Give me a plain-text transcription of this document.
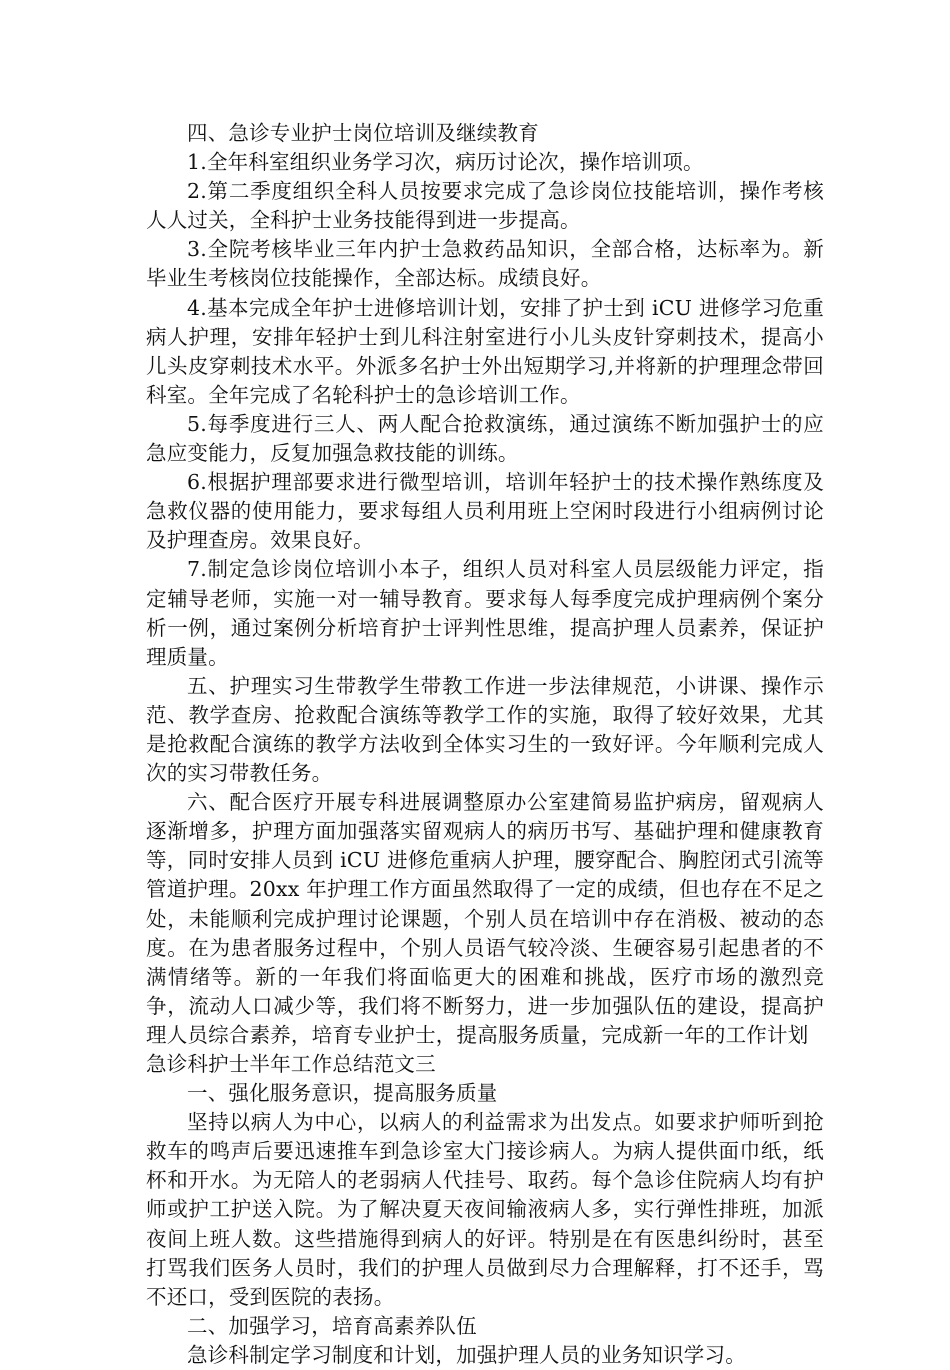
四、急诊专业护士岗位培训及继续教育

1.全年科室组织业务学习次，病历讨论次，操作培训项。

2.第二季度组织全科人员按要求完成了急诊岗位技能培训，操作考核人人过关，全科护士业务技能得到进一步提高。

3.全院考核毕业三年内护士急救药品知识，全部合格，达标率为。新毕业生考核岗位技能操作，全部达标。成绩良好。

4.基本完成全年护士进修培训计划，安排了护士到 iCU 进修学习危重病人护理，安排年轻护士到儿科注射室进行小儿头皮针穿刺技术，提高小儿头皮穿刺技术水平。外派多名护士外出短期学习,并将新的护理理念带回科室。全年完成了名轮科护士的急诊培训工作。

5.每季度进行三人、两人配合抢救演练，通过演练不断加强护士的应急应变能力，反复加强急救技能的训练。

6.根据护理部要求进行微型培训，培训年轻护士的技术操作熟练度及急救仪器的使用能力，要求每组人员利用班上空闲时段进行小组病例讨论及护理查房。效果良好。

7.制定急诊岗位培训小本子，组织人员对科室人员层级能力评定，指定辅导老师，实施一对一辅导教育。要求每人每季度完成护理病例个案分析一例，通过案例分析培育护士评判性思维，提高护理人员素养，保证护理质量。

五、护理实习生带教学生带教工作进一步法律规范，小讲课、操作示范、教学查房、抢救配合演练等教学工作的实施，取得了较好效果，尤其是抢救配合演练的教学方法收到全体实习生的一致好评。今年顺利完成人次的实习带教任务。

六、配合医疗开展专科进展调整原办公室建简易监护病房，留观病人逐渐增多，护理方面加强落实留观病人的病历书写、基础护理和健康教育等，同时安排人员到 iCU 进修危重病人护理，腰穿配合、胸腔闭式引流等管道护理。20xx 年护理工作方面虽然取得了一定的成绩，但也存在不足之处，未能顺利完成护理讨论课题，个别人员在培训中存在消极、被动的态度。在为患者服务过程中，个别人员语气较冷淡、生硬容易引起患者的不满情绪等。新的一年我们将面临更大的困难和挑战，医疗市场的激烈竞争，流动人口减少等，我们将不断努力，进一步加强队伍的建设，提高护理人员综合素养，培育专业护士，提高服务质量，完成新一年的工作计划

急诊科护士半年工作总结范文三

一、强化服务意识，提高服务质量

坚持以病人为中心，以病人的利益需求为出发点。如要求护师听到抢救车的鸣声后要迅速推车到急诊室大门接诊病人。为病人提供面巾纸，纸杯和开水。为无陪人的老弱病人代挂号、取药。每个急诊住院病人均有护师或护工护送入院。为了解决夏天夜间输液病人多，实行弹性排班，加派夜间上班人数。这些措施得到病人的好评。特别是在有医患纠纷时，甚至打骂我们医务人员时，我们的护理人员做到尽力合理解释，打不还手，骂不还口，受到医院的表扬。

二、加强学习，培育高素养队伍

急诊科制定学习制度和计划，加强护理人员的业务知识学习。
